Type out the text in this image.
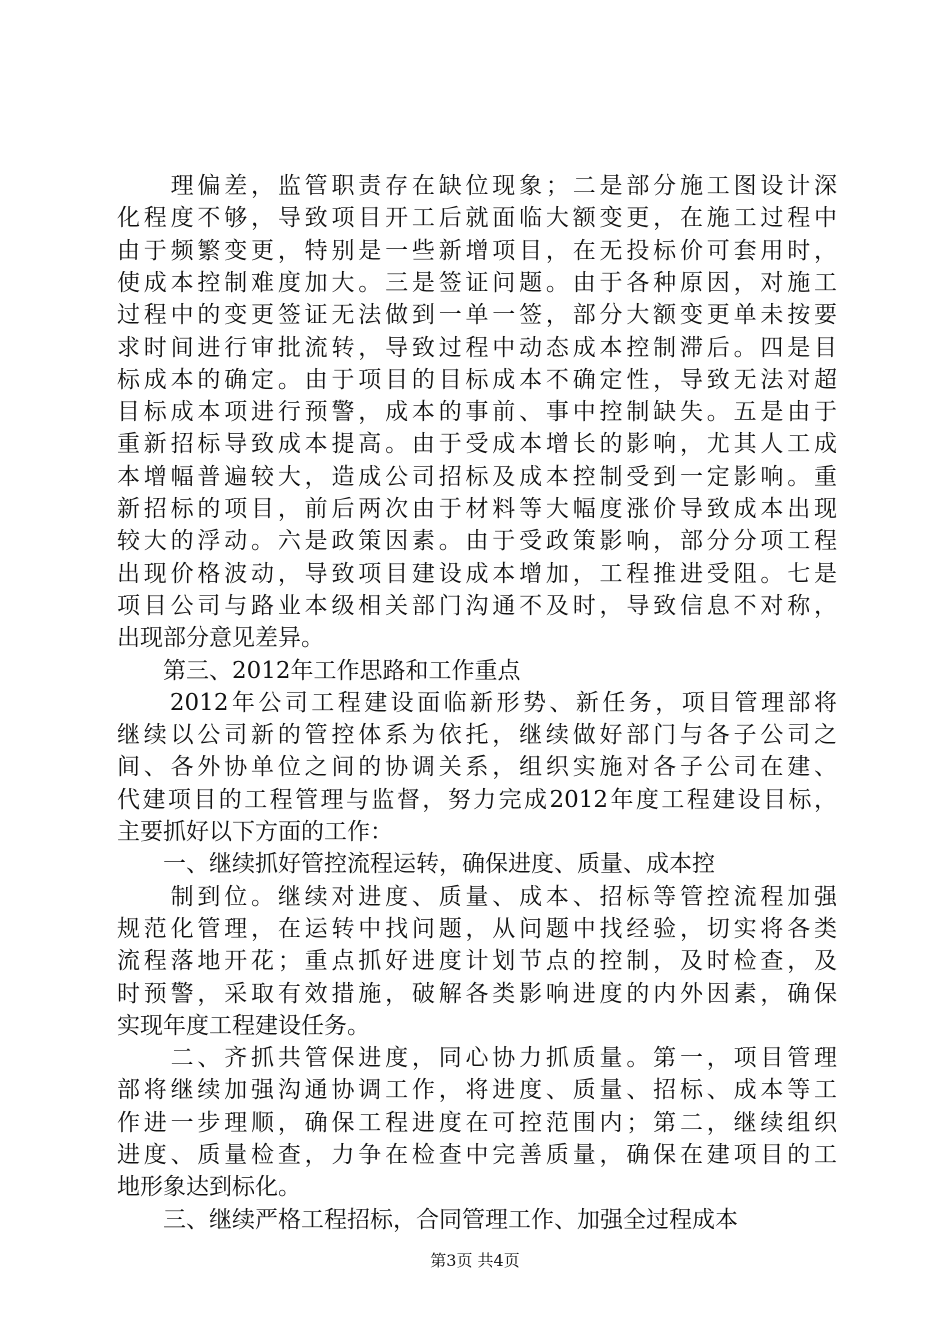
　　理偏差，监管职责存在缺位现象；二是部分施工图设计深
化程度不够，导致项目开工后就面临大额变更，在施工过程中
由于频繁变更，特别是一些新增项目，在无投标价可套用时，
使成本控制难度加大。三是签证问题。由于各种原因，对施工
过程中的变更签证无法做到一单一签，部分大额变更单未按要
求时间进行审批流转，导致过程中动态成本控制滞后。四是目
标成本的确定。由于项目的目标成本不确定性，导致无法对超
目标成本项进行预警，成本的事前、事中控制缺失。五是由于
重新招标导致成本提高。由于受成本增长的影响，尤其人工成
本增幅普遍较大，造成公司招标及成本控制受到一定影响。重
新招标的项目，前后两次由于材料等大幅度涨价导致成本出现
较大的浮动。六是政策因素。由于受政策影响，部分分项工程
出现价格波动，导致项目建设成本增加，工程推进受阻。七是
项目公司与路业本级相关部门沟通不及时，导致信息不对称，
出现部分意见差异。
　　第三、2012年工作思路和工作重点
　　2012年公司工程建设面临新形势、新任务，项目管理部将
继续以公司新的管控体系为依托，继续做好部门与各子公司之
间、各外协单位之间的协调关系，组织实施对各子公司在建、
代建项目的工程管理与监督，努力完成2012年度工程建设目标，
主要抓好以下方面的工作：
　　一、继续抓好管控流程运转，确保进度、质量、成本控
　　制到位。继续对进度、质量、成本、招标等管控流程加强
规范化管理，在运转中找问题，从问题中找经验，切实将各类
流程落地开花；重点抓好进度计划节点的控制，及时检查，及
时预警，采取有效措施，破解各类影响进度的内外因素，确保
实现年度工程建设任务。
　　二、齐抓共管保进度，同心协力抓质量。第一，项目管理
部将继续加强沟通协调工作，将进度、质量、招标、成本等工
作进一步理顺，确保工程进度在可控范围内；第二，继续组织
进度、质量检查，力争在检查中完善质量，确保在建项目的工
地形象达到标化。
　　三、继续严格工程招标，合同管理工作、加强全过程成本
第3页 共4页
